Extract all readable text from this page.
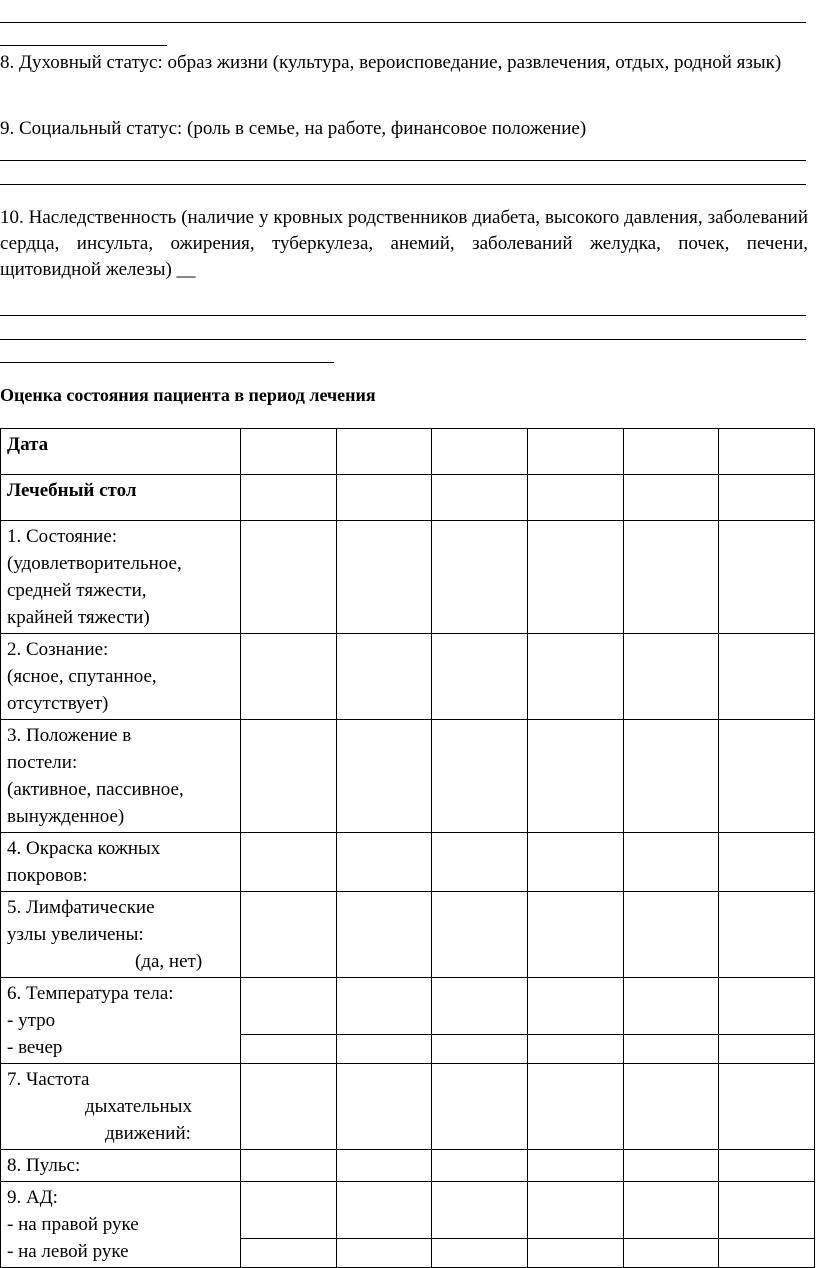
8. Духовный статус: образ жизни (культура, вероисповедание, развлечения, отдых, родной язык)
9. Социальный статус: (роль в семье, на работе, финансовое положение)
10. Наследственность (наличие у кровных родственников диабета, высокого давления, заболеваний сердца, инсульта, ожирения, туберкулеза, анемий, заболеваний желудка, почек, печени, щитовидной железы) __
Оценка состояния пациента в период лечения
Дата						
Лечебный стол						
1. Состояние:
(удовлетворительное,
средней тяжести,
крайней тяжести)						
2. Сознание:
(ясное, спутанное,
отсутствует)						
3. Положение в
постели:
(активное, пассивное,
вынужденное)						
4. Окраска кожных
покровов:						
5. Лимфатические
узлы увеличены:
(да, нет)						

6. Температура тела:
- утро
- вечер						

7. Частота
дыхательных
движений:						

8. Пульс:						
9. АД:
- на правой руке
- на левой руке						
